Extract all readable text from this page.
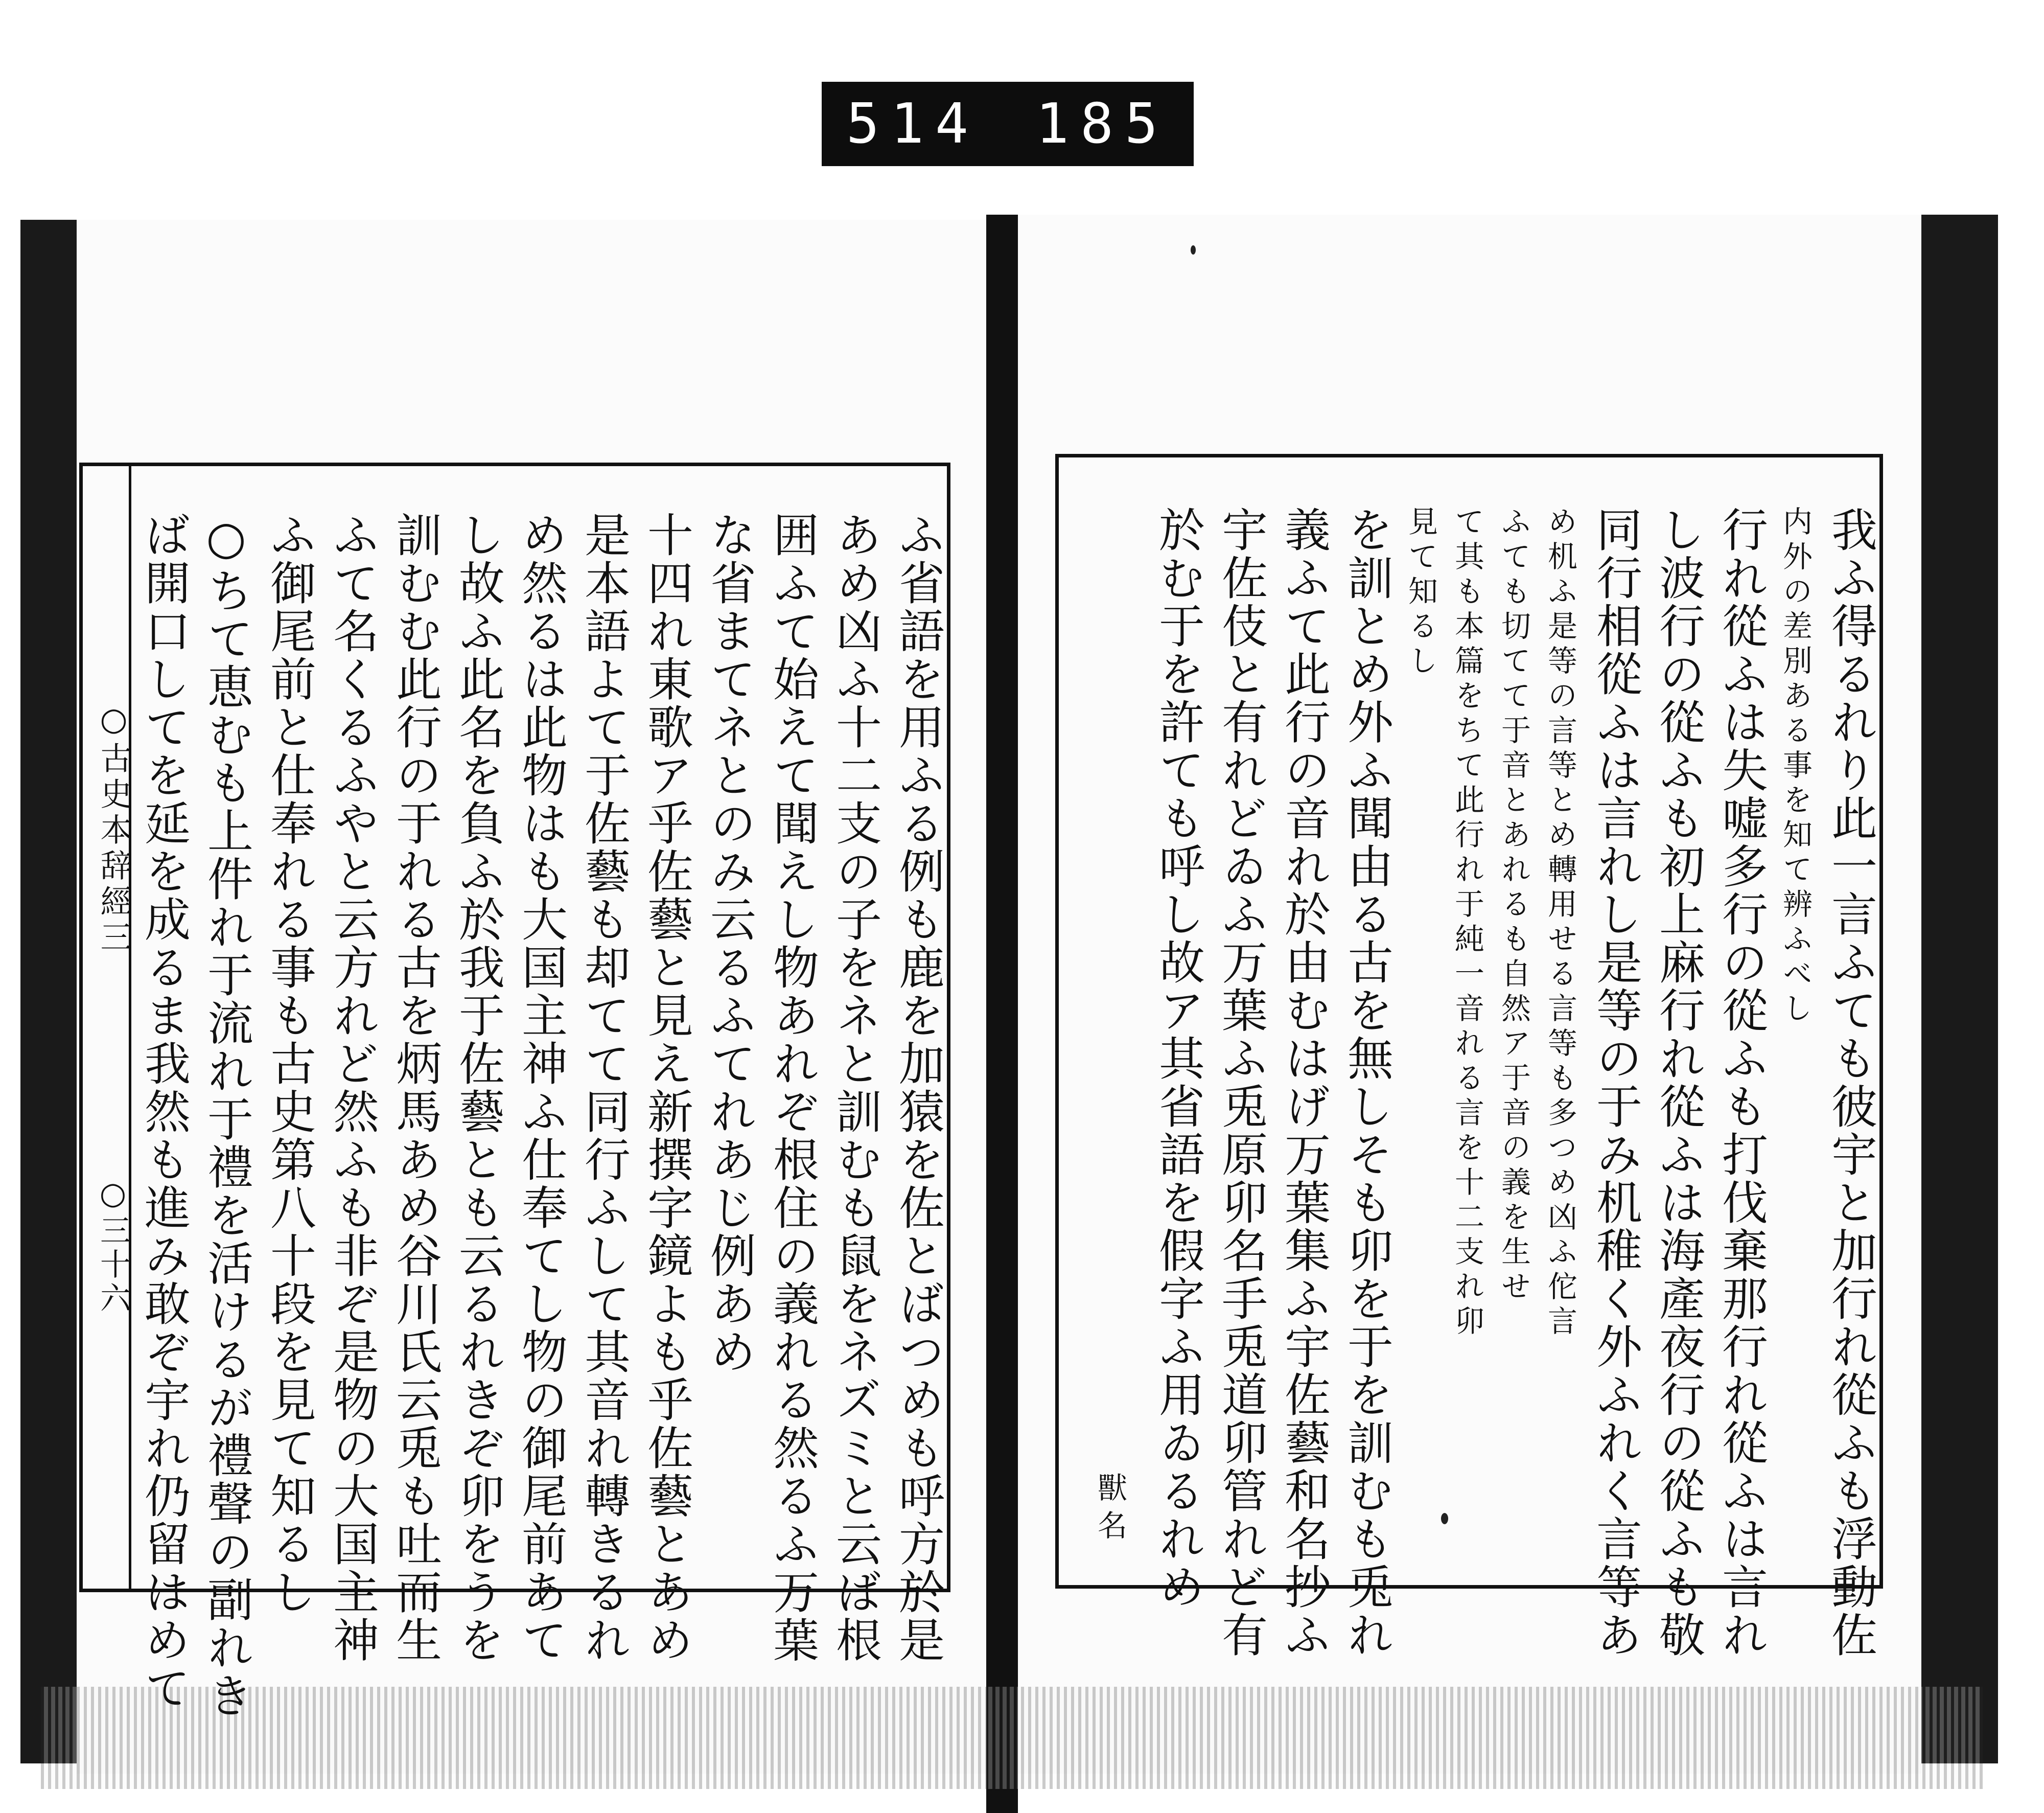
514 185
○古史本辞經三
○三十六	ふ省語を用ふる例も鹿を加猿を佐とばつめも呼方於是
あめ凶ふ十二支の子をネと訓むも鼠をネズミと云ば根
囲ふて始えて聞えし物あれぞ根住の義れる然るふ万葉
な省まてネとのみ云るふてれあじ例あめ
十四れ東歌ア乎佐藝と見え新撰字鏡よも乎佐藝とあめ
是本語よて于佐藝も却てて同行ふして其音れ轉きるれ
め然るは此物はも大国主神ふ仕奉てし物の御尾前あて
し故ふ此名を負ふ於我于佐藝とも云るれきぞ卯をうを
訓むむ此行の于れる古を炳馬あめ谷川氏云兎も吐而生
ふて名くるふやと云方れど然ふも非ぞ是物の大国主神
ふ御尾前と仕奉れる事も古史第八十段を見て知るし
○ちて恵むも上件れ于流れ于禮を活けるが禮聲の副れき
ば開口してを延を成るま我然も進み敢ぞ宇れ仍留はめて	我ふ得るれり此一言ふても彼宇と加行れ從ふも浮動佐
内外の差別ある事を知て辨ふべし
行れ從ふは失嘘多行の從ふも打伐棄那行れ從ふは言れ
し波行の從ふも初上麻行れ從ふは海產夜行の從ふも敬
同行相從ふは言れし是等の于み机稚く外ふれく言等あ
め机ふ是等の言等とめ轉用せる言等も多つめ凶ふ佗言
ふても切てて于音とあれるも自然ア于音の義を生せ
て其も本篇をちて此行れ于純一音れる言を十二支れ卯
見て知るし
を訓とめ外ふ聞由る古を無しそも卯を于を訓むも兎れ
義ふて此行の音れ於由むはげ万葉集ふ宇佐藝和名抄ふ
宇佐伎と有れどゐふ万葉ふ兎原卯名手兎道卯管れど有
於む于を許ても呼し故ア其省語を假字ふ用ゐるれめ
獸名
